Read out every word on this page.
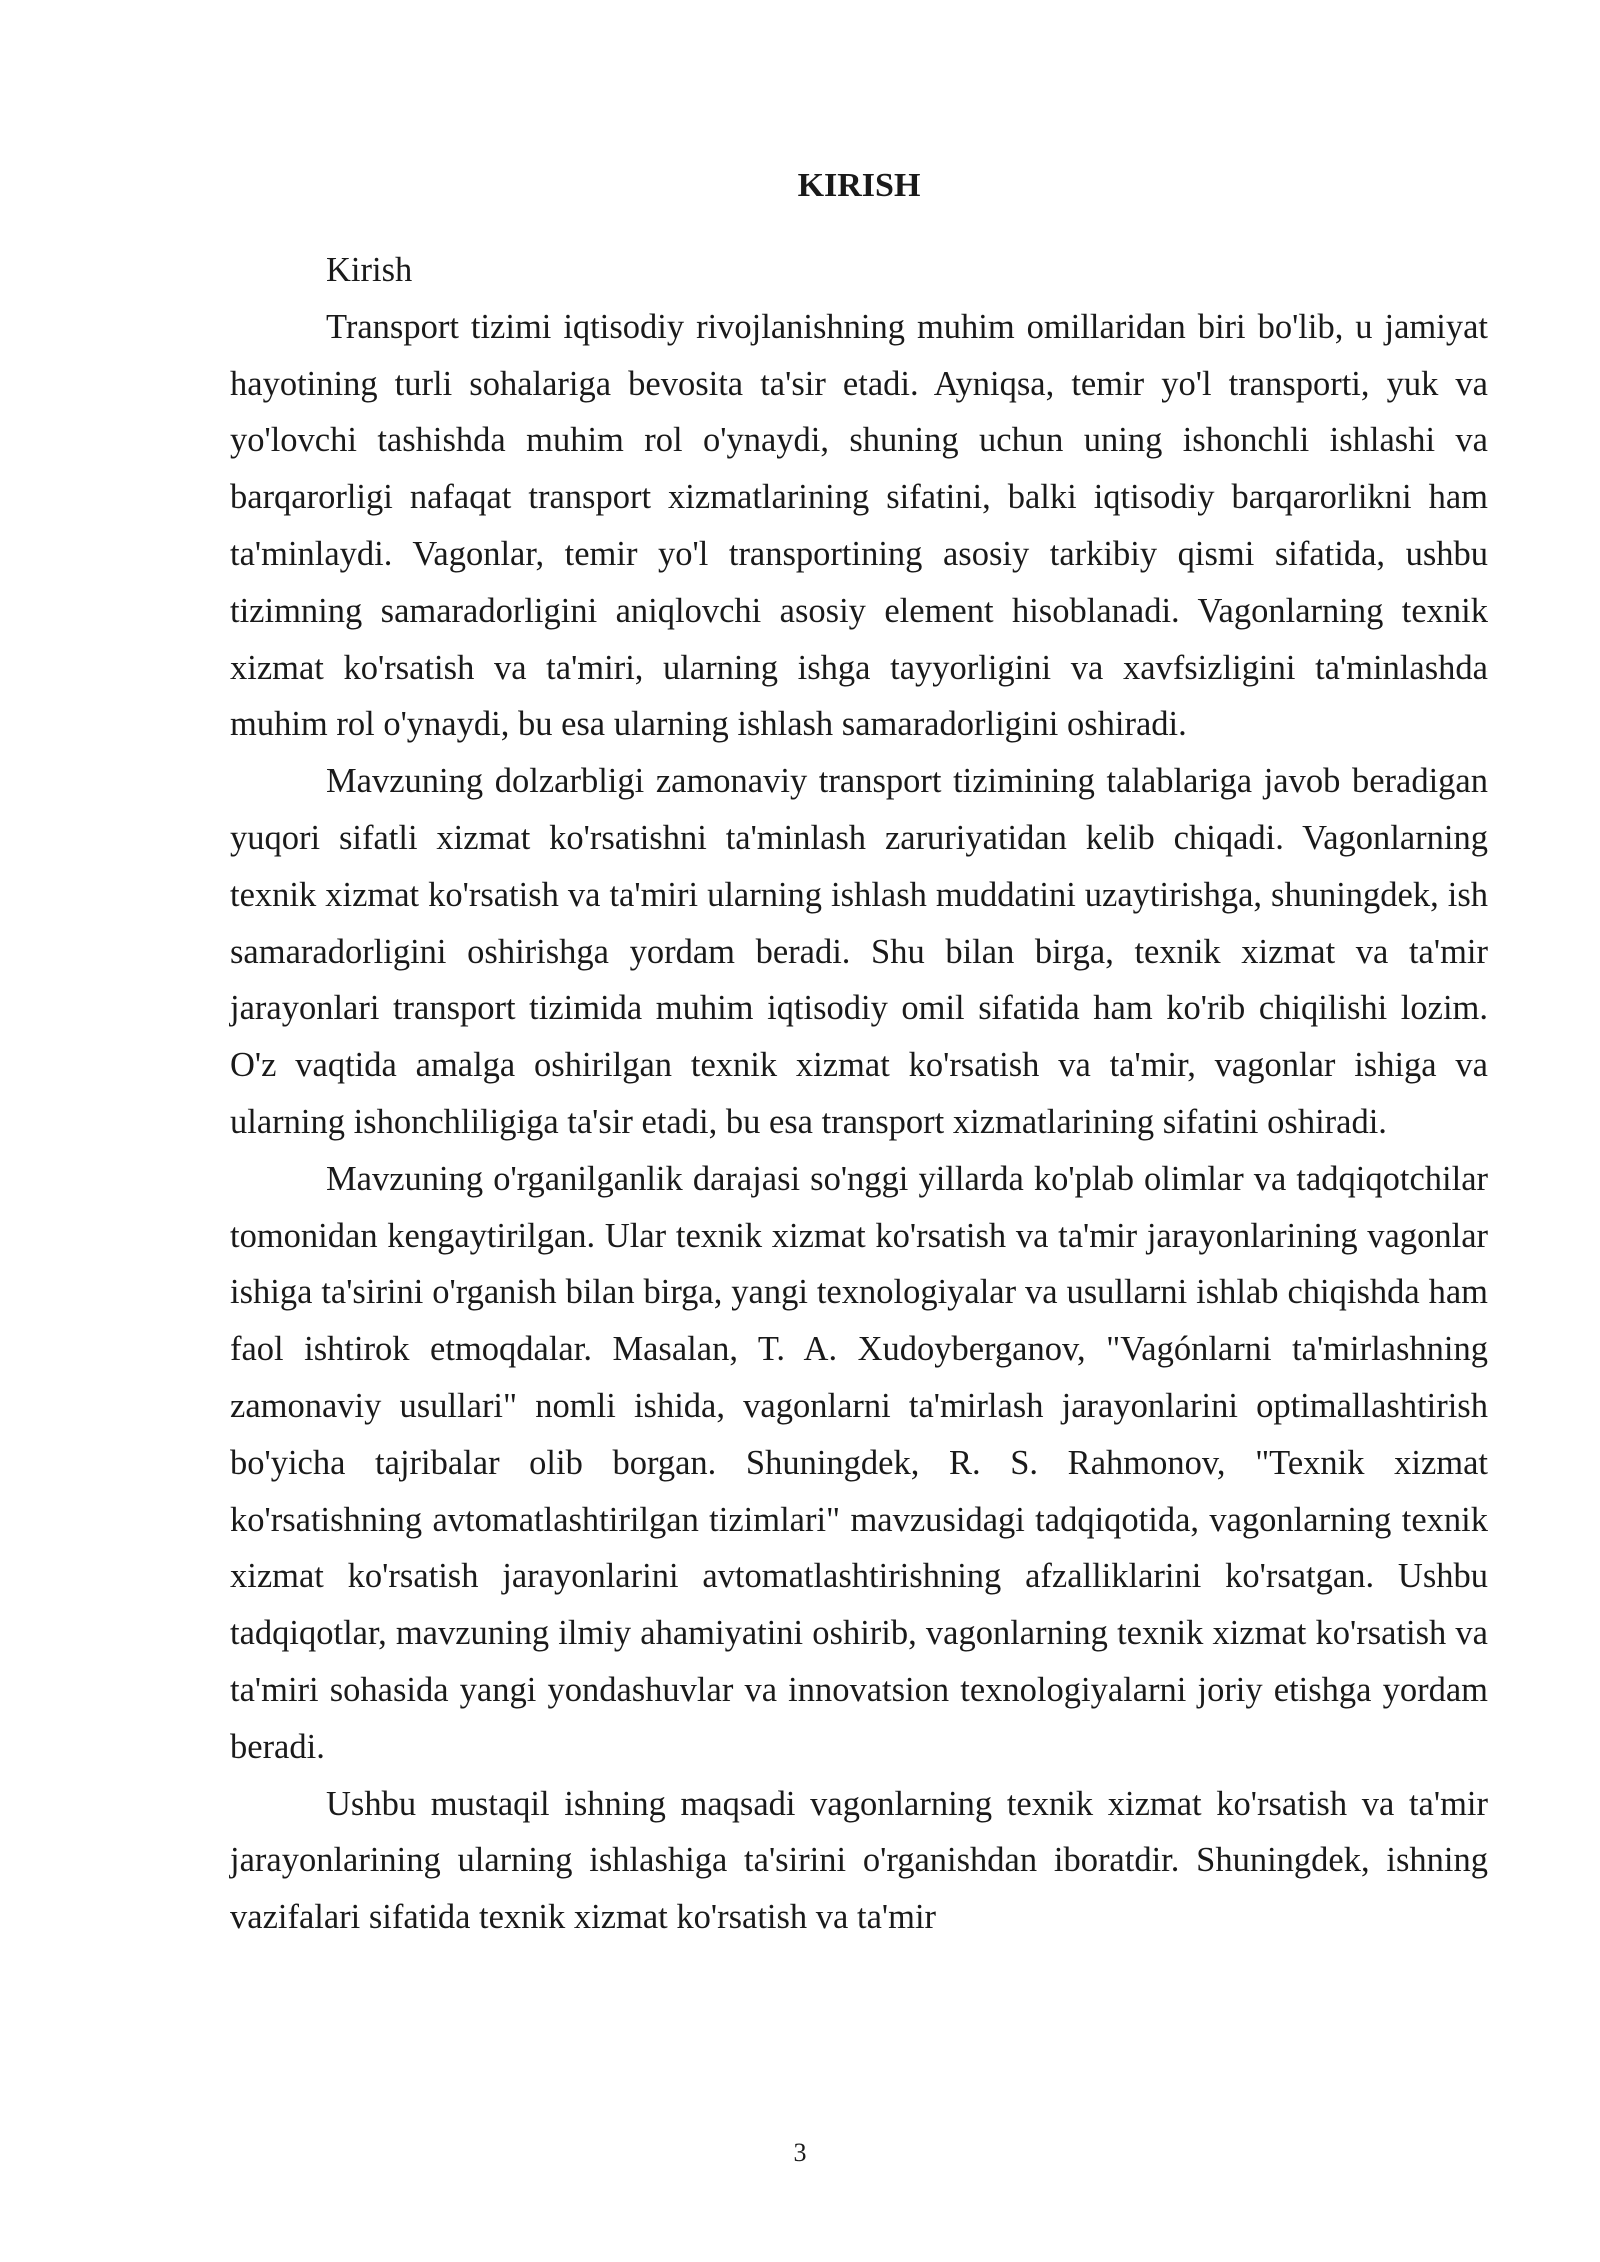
KIRISH

Kirish

Transport tizimi iqtisodiy rivojlanishning muhim omillaridan biri bo'lib, u jamiyat hayotining turli sohalariga bevosita ta'sir etadi. Ayniqsa, temir yo'l transporti, yuk va yo'lovchi tashishda muhim rol o'ynaydi, shuning uchun uning ishonchli ishlashi va barqarorligi nafaqat transport xizmatlarining sifatini, balki iqtisodiy barqarorlikni ham ta'minlaydi. Vagonlar, temir yo'l transportining asosiy tarkibiy qismi sifatida, ushbu tizimning samaradorligini aniqlovchi asosiy element hisoblanadi. Vagonlarning texnik xizmat ko'rsatish va ta'miri, ularning ishga tayyorligini va xavfsizligini ta'minlashda muhim rol o'ynaydi, bu esa ularning ishlash samaradorligini oshiradi.

Mavzuning dolzarbligi zamonaviy transport tizimining talablariga javob beradigan yuqori sifatli xizmat ko'rsatishni ta'minlash zaruriyatidan kelib chiqadi. Vagonlarning texnik xizmat ko'rsatish va ta'miri ularning ishlash muddatini uzaytirishga, shuningdek, ish samaradorligini oshirishga yordam beradi. Shu bilan birga, texnik xizmat va ta'mir jarayonlari transport tizimida muhim iqtisodiy omil sifatida ham ko'rib chiqilishi lozim. O'z vaqtida amalga oshirilgan texnik xizmat ko'rsatish va ta'mir, vagonlar ishiga va ularning ishonchliligiga ta'sir etadi, bu esa transport xizmatlarining sifatini oshiradi.

Mavzuning o'rganilganlik darajasi so'nggi yillarda ko'plab olimlar va tadqiqotchilar tomonidan kengaytirilgan. Ular texnik xizmat ko'rsatish va ta'mir jarayonlarining vagonlar ishiga ta'sirini o'rganish bilan birga, yangi texnologiyalar va usullarni ishlab chiqishda ham faol ishtirok etmoqdalar. Masalan, T. A. Xudoyberganov, "Vagónlarni ta'mirlashning zamonaviy usullari" nomli ishida, vagonlarni ta'mirlash jarayonlarini optimallashtirish bo'yicha tajribalar olib borgan. Shuningdek, R. S. Rahmonov, "Texnik xizmat ko'rsatishning avtomatlashtirilgan tizimlari" mavzusidagi tadqiqotida, vagonlarning texnik xizmat ko'rsatish jarayonlarini avtomatlashtirishning afzalliklarini ko'rsatgan. Ushbu tadqiqotlar, mavzuning ilmiy ahamiyatini oshirib, vagonlarning texnik xizmat ko'rsatish va ta'miri sohasida yangi yondashuvlar va innovatsion texnologiyalarni joriy etishga yordam beradi.

Ushbu mustaqil ishning maqsadi vagonlarning texnik xizmat ko'rsatish va ta'mir jarayonlarining ularning ishlashiga ta'sirini o'rganishdan iboratdir. Shuningdek, ishning vazifalari sifatida texnik xizmat ko'rsatish va ta'mir

3
